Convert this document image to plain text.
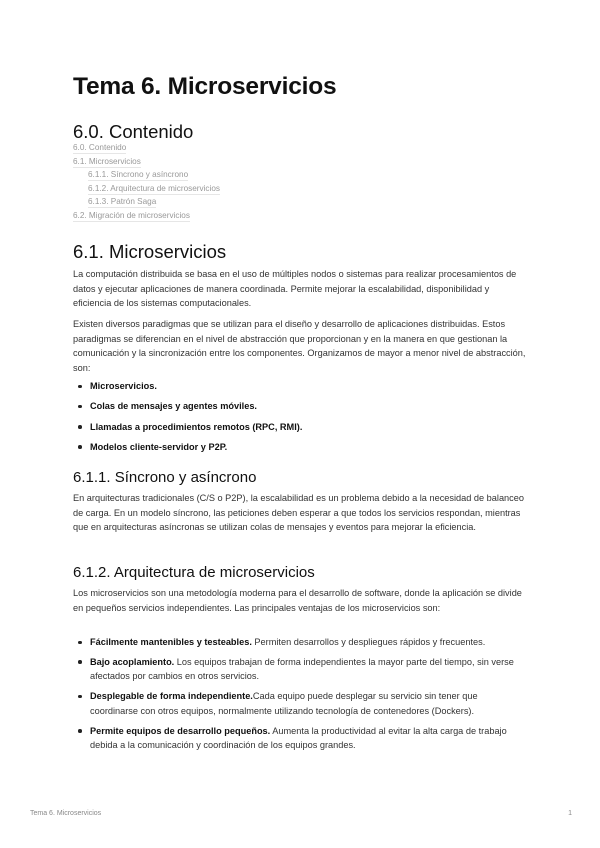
Tema 6. Microservicios
6.0. Contenido
6.0. Contenido
6.1. Microservicios
6.1.1. Síncrono y asíncrono
6.1.2. Arquitectura de microservicios
6.1.3. Patrón Saga
6.2. Migración de microservicios
6.1. Microservicios

La computación distribuida se basa en el uso de múltiples nodos o sistemas para realizar procesamientos de datos y ejecutar aplicaciones de manera coordinada. Permite mejorar la escalabilidad, disponibilidad y eficiencia de los sistemas computacionales.

Existen diversos paradigmas que se utilizan para el diseño y desarrollo de aplicaciones distribuidas. Estos paradigmas se diferencian en el nivel de abstracción que proporcionan y en la manera en que gestionan la comunicación y la sincronización entre los componentes. Organizamos de mayor a menor nivel de abstracción, son:

Microservicios.
Colas de mensajes y agentes móviles.
Llamadas a procedimientos remotos (RPC, RMI).
Modelos cliente-servidor y P2P.
6.1.1. Síncrono y asíncrono

En arquitecturas tradicionales (C/S o P2P), la escalabilidad es un problema debido a la necesidad de balanceo de carga. En un modelo síncrono, las peticiones deben esperar a que todos los servicios respondan, mientras que en arquitecturas asíncronas se utilizan colas de mensajes y eventos para mejorar la eficiencia.

6.1.2. Arquitectura de microservicios

Los microservicios son una metodología moderna para el desarrollo de software, donde la aplicación se divide en pequeños servicios independientes. Las principales ventajas de los microservicios son:

Fácilmente mantenibles y testeables. Permiten desarrollos y despliegues rápidos y frecuentes.
Bajo acoplamiento. Los equipos trabajan de forma independientes la mayor parte del tiempo, sin verse afectados por cambios en otros servicios.
Desplegable de forma independiente.Cada equipo puede desplegar su servicio sin tener que coordinarse con otros equipos, normalmente utilizando tecnología de contenedores (Dockers).
Permite equipos de desarrollo pequeños. Aumenta la productividad al evitar la alta carga de trabajo debida a la comunicación y coordinación de los equipos grandes.
Tema 6. Microservicios	1
